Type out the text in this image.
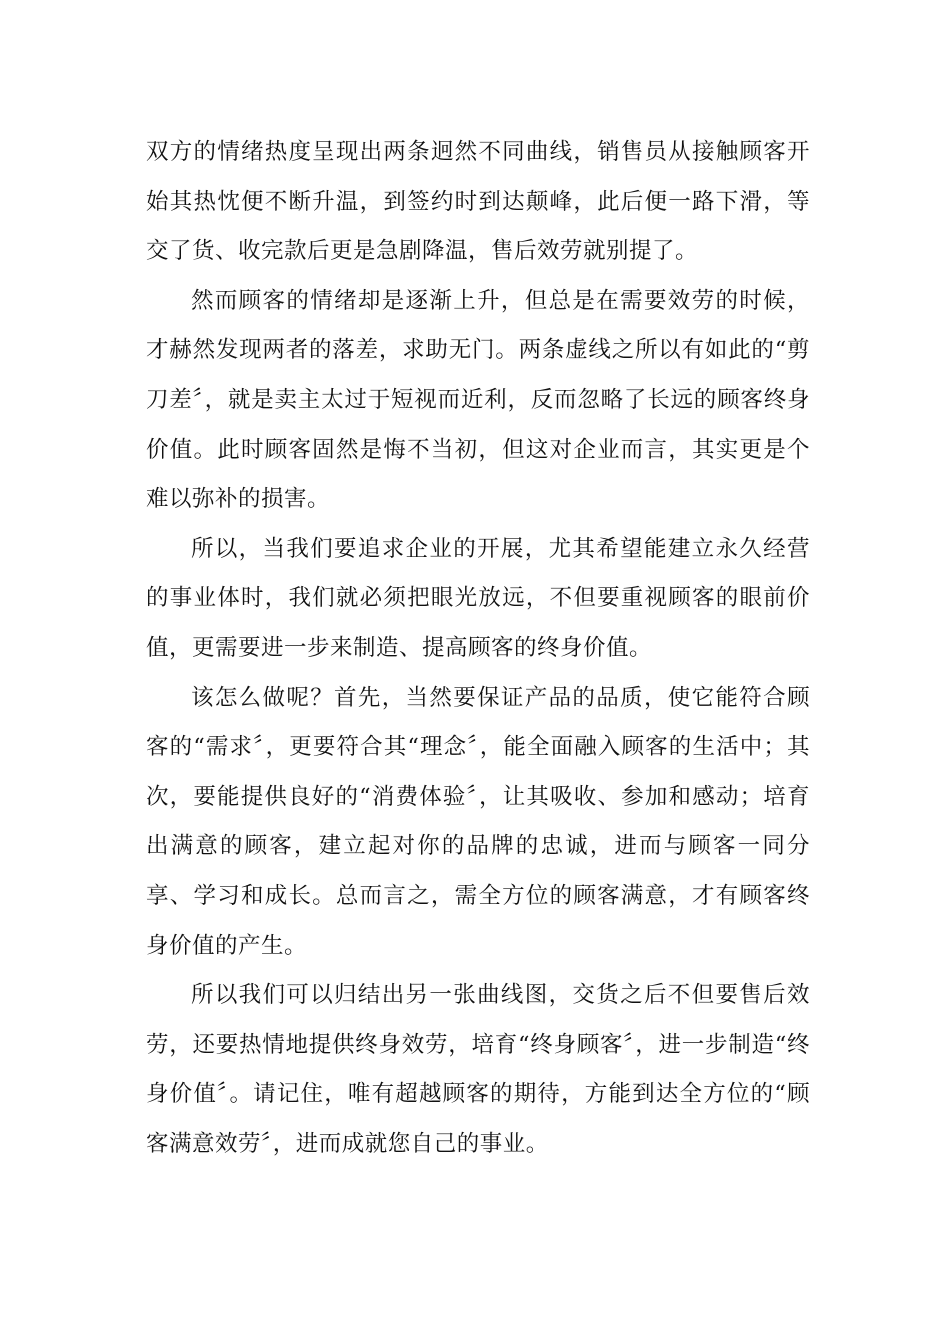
双方的情绪热度呈现出两条迥然不同曲线，销售员从接触顾客开始其热忱便不断升温，到签约时到达颠峰，此后便一路下滑，等交了货、收完款后更是急剧降温，售后效劳就别提了。

然而顾客的情绪却是逐渐上升，但总是在需要效劳的时候，才赫然发现两者的落差，求助无门。两条虚线之所以有如此的“剪刀差〞，就是卖主太过于短视而近利，反而忽略了长远的顾客终身价值。此时顾客固然是悔不当初，但这对企业而言，其实更是个难以弥补的损害。

所以，当我们要追求企业的开展，尤其希望能建立永久经营的事业体时，我们就必须把眼光放远，不但要重视顾客的眼前价值，更需要进一步来制造、提高顾客的终身价值。

该怎么做呢？首先，当然要保证产品的品质，使它能符合顾客的“需求〞，更要符合其“理念〞，能全面融入顾客的生活中；其次，要能提供良好的“消费体验〞，让其吸收、参加和感动；培育出满意的顾客，建立起对你的品牌的忠诚，进而与顾客一同分享、学习和成长。总而言之，需全方位的顾客满意，才有顾客终身价值的产生。

所以我们可以归结出另一张曲线图，交货之后不但要售后效劳，还要热情地提供终身效劳，培育“终身顾客〞，进一步制造“终身价值〞。请记住，唯有超越顾客的期待，方能到达全方位的“顾客满意效劳〞，进而成就您自己的事业。
